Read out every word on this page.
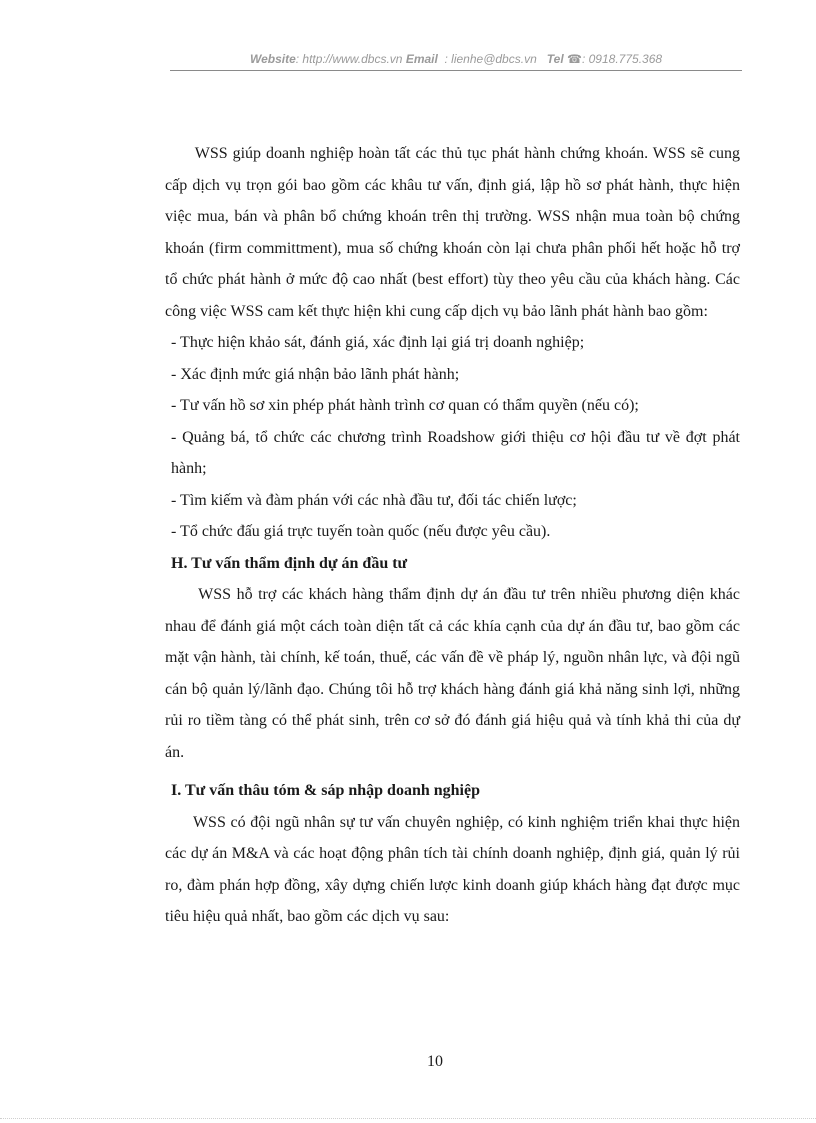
Website: http://www.dbcs.vn Email : lienhe@dbcs.vn Tel ☎: 0918.775.368

WSS giúp doanh nghiệp hoàn tất các thủ tục phát hành chứng khoán. WSS sẽ cung cấp dịch vụ trọn gói bao gồm các khâu tư vấn, định giá, lập hồ sơ phát hành, thực hiện việc mua, bán và phân bổ chứng khoán trên thị trường. WSS nhận mua toàn bộ chứng khoán (firm committment), mua số chứng khoán còn lại chưa phân phối hết hoặc hỗ trợ tổ chức phát hành ở mức độ cao nhất (best effort) tùy theo yêu cầu của khách hàng. Các công việc WSS cam kết thực hiện khi cung cấp dịch vụ bảo lãnh phát hành bao gồm:

- Thực hiện khảo sát, đánh giá, xác định lại giá trị doanh nghiệp;

- Xác định mức giá nhận bảo lãnh phát hành;

- Tư vấn hồ sơ xin phép phát hành trình cơ quan có thẩm quyền (nếu có);

- Quảng bá, tổ chức các chương trình Roadshow giới thiệu cơ hội đầu tư về đợt phát hành;

- Tìm kiếm và đàm phán với các nhà đầu tư, đối tác chiến lược;

- Tổ chức đấu giá trực tuyến toàn quốc (nếu được yêu cầu).

H. Tư vấn thẩm định dự án đầu tư

WSS hỗ trợ các khách hàng thẩm định dự án đầu tư trên nhiều phương diện khác nhau để đánh giá một cách toàn diện tất cả các khía cạnh của dự án đầu tư, bao gồm các mặt vận hành, tài chính, kế toán, thuế, các vấn đề về pháp lý, nguồn nhân lực, và đội ngũ cán bộ quản lý/lãnh đạo. Chúng tôi hỗ trợ khách hàng đánh giá khả năng sinh lợi, những rủi ro tiềm tàng có thể phát sinh, trên cơ sở đó đánh giá hiệu quả và tính khả thi của dự án.

I. Tư vấn thâu tóm & sáp nhập doanh nghiệp

WSS có đội ngũ nhân sự tư vấn chuyên nghiệp, có kinh nghiệm triển khai thực hiện các dự án M&A và các hoạt động phân tích tài chính doanh nghiệp, định giá, quản lý rủi ro, đàm phán hợp đồng, xây dựng chiến lược kinh doanh giúp khách hàng đạt được mục tiêu hiệu quả nhất, bao gồm các dịch vụ sau:

10
